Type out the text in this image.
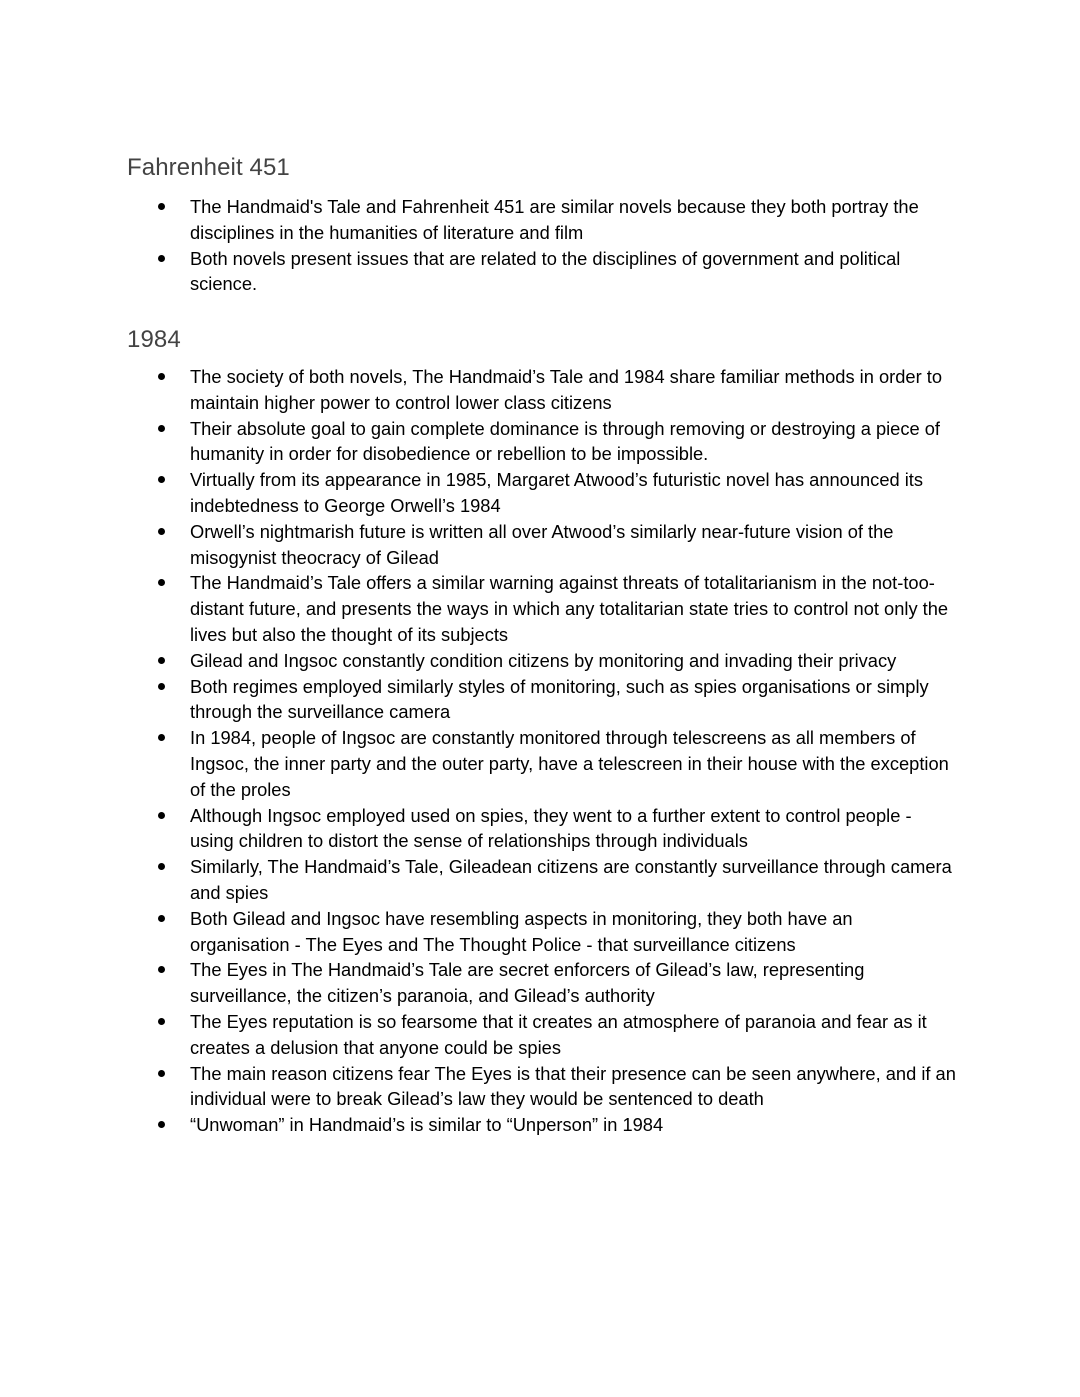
Fahrenheit 451
The Handmaid's Tale and Fahrenheit 451 are similar novels because they both portray the disciplines in the humanities of literature and film
Both novels present issues that are related to the disciplines of government and political science.
1984
The society of both novels, The Handmaid’s Tale and 1984 share familiar methods in order to maintain higher power to control lower class citizens
Their absolute goal to gain complete dominance is through removing or destroying a piece of humanity in order for disobedience or rebellion to be impossible.
Virtually from its appearance in 1985, Margaret Atwood’s futuristic novel has announced its indebtedness to George Orwell’s 1984
Orwell’s nightmarish future is written all over Atwood’s similarly near-future vision of the misogynist theocracy of Gilead
The Handmaid’s Tale offers a similar warning against threats of totalitarianism in the not-too-distant future, and presents the ways in which any totalitarian state tries to control not only the lives but also the thought of its subjects
Gilead and Ingsoc constantly condition citizens by monitoring and invading their privacy
Both regimes employed similarly styles of monitoring, such as spies organisations or simply through the surveillance camera
In 1984, people of Ingsoc are constantly monitored through telescreens as all members of Ingsoc, the inner party and the outer party, have a telescreen in their house with the exception of the proles
Although Ingsoc employed used on spies, they went to a further extent to control people - using children to distort the sense of relationships through individuals
Similarly, The Handmaid’s Tale, Gileadean citizens are constantly surveillance through camera and spies
Both Gilead and Ingsoc have resembling aspects in monitoring, they both have an organisation - The Eyes and The Thought Police - that surveillance citizens
The Eyes in The Handmaid’s Tale are secret enforcers of Gilead’s law, representing surveillance, the citizen’s paranoia, and Gilead’s authority
The Eyes reputation is so fearsome that it creates an atmosphere of paranoia and fear as it creates a delusion that anyone could be spies
The main reason citizens fear The Eyes is that their presence can be seen anywhere, and if an individual were to break Gilead’s law they would be sentenced to death
“Unwoman” in Handmaid’s is similar to “Unperson” in 1984
